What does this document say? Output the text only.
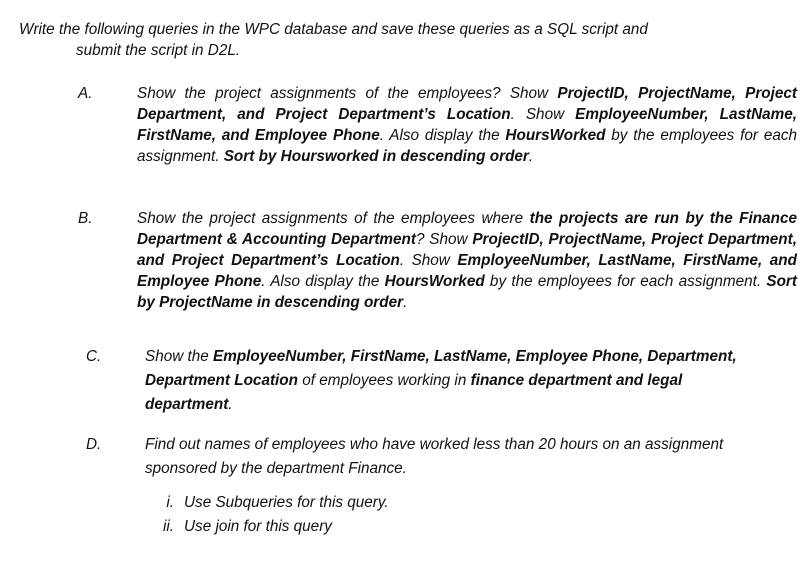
Write the following queries in the WPC database and save these queries as a SQL script and
submit the script in D2L.

A.	Show the project assignments of the employees? Show ProjectID, ProjectName, Project Department, and Project Department’s Location. Show EmployeeNumber, LastName, FirstName, and Employee Phone. Also display the HoursWorked by the employees for each assignment. Sort by Hoursworked in descending order.
B.	Show the project assignments of the employees where the projects are run by the Finance Department & Accounting Department? Show ProjectID, ProjectName, Project Department, and Project Department’s Location. Show EmployeeNumber, LastName, FirstName, and Employee Phone. Also display the HoursWorked by the employees for each assignment. Sort by ProjectName in descending order.
C.	Show the EmployeeNumber, FirstName, LastName, Employee Phone, Department, Department Location of employees working in finance department and legal department.
D.	Find out names of employees who have worked less than 20 hours on an assignment sponsored by the department Finance.
i. Use Subqueries for this query.
ii. Use join for this query
